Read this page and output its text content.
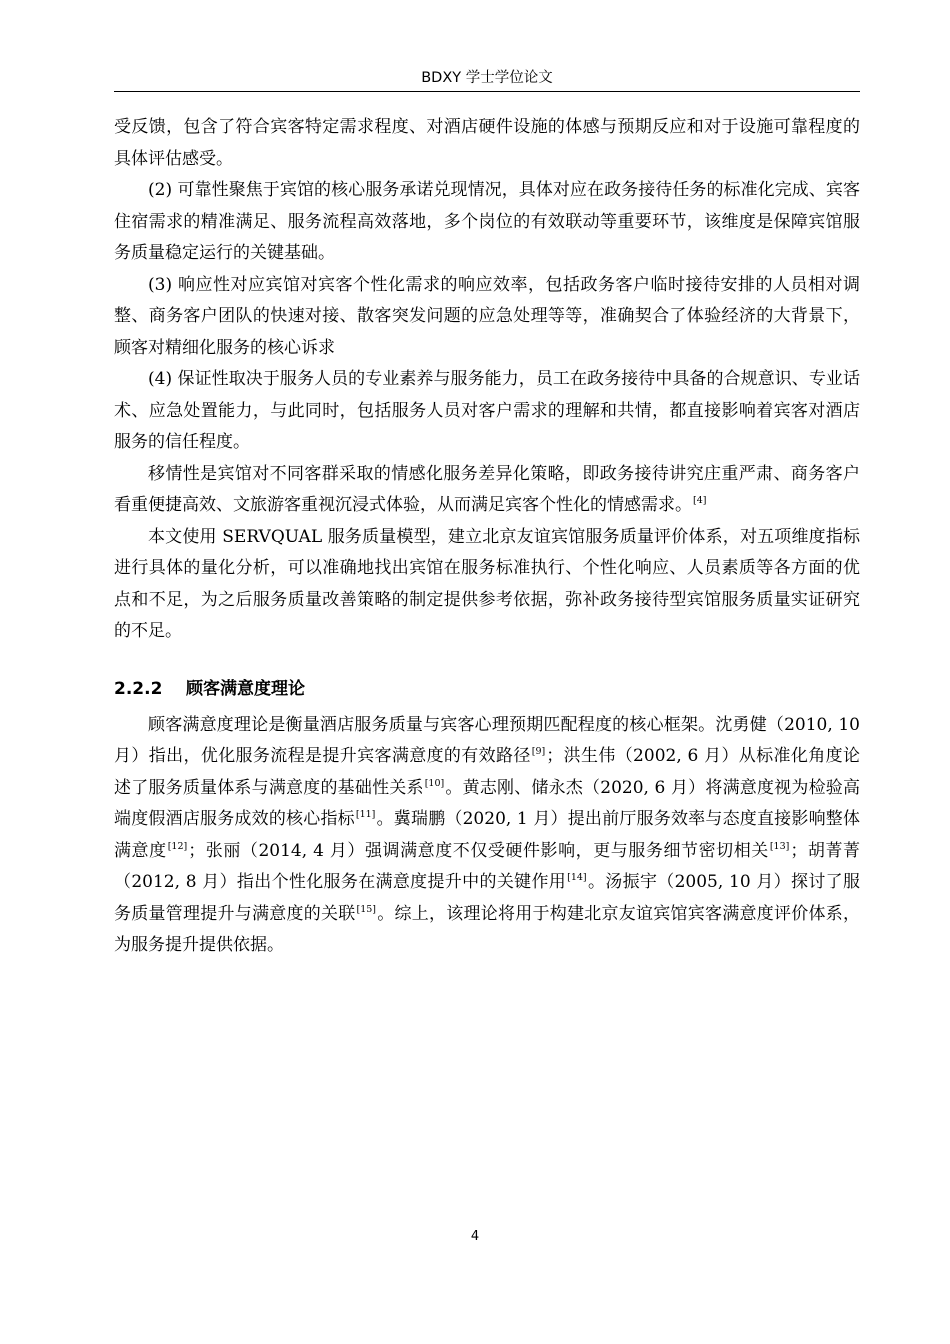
BDXY 学士学位论文

受反馈，包含了符合宾客特定需求程度、对酒店硬件设施的体感与预期反应和对于设施可靠程度的具体评估感受。

(2) 可靠性聚焦于宾馆的核心服务承诺兑现情况，具体对应在政务接待任务的标准化完成、宾客住宿需求的精准满足、服务流程高效落地，多个岗位的有效联动等重要环节，该维度是保障宾馆服务质量稳定运行的关键基础。

(3) 响应性对应宾馆对宾客个性化需求的响应效率，包括政务客户临时接待安排的人员相对调整、商务客户团队的快速对接、散客突发问题的应急处理等等，准确契合了体验经济的大背景下，顾客对精细化服务的核心诉求

(4) 保证性取决于服务人员的专业素养与服务能力，员工在政务接待中具备的合规意识、专业话术、应急处置能力，与此同时，包括服务人员对客户需求的理解和共情，都直接影响着宾客对酒店服务的信任程度。

移情性是宾馆对不同客群采取的情感化服务差异化策略，即政务接待讲究庄重严肃、商务客户看重便捷高效、文旅游客重视沉浸式体验，从而满足宾客个性化的情感需求。[4]

本文使用 SERVQUAL 服务质量模型，建立北京友谊宾馆服务质量评价体系，对五项维度指标进行具体的量化分析，可以准确地找出宾馆在服务标准执行、个性化响应、人员素质等各方面的优点和不足，为之后服务质量改善策略的制定提供参考依据，弥补政务接待型宾馆服务质量实证研究的不足。

2.2.2 顾客满意度理论

顾客满意度理论是衡量酒店服务质量与宾客心理预期匹配程度的核心框架。沈勇健（2010, 10 月）指出，优化服务流程是提升宾客满意度的有效路径[9]；洪生伟（2002, 6 月）从标准化角度论述了服务质量体系与满意度的基础性关系[10]。黄志刚、储永杰（2020, 6 月）将满意度视为检验高端度假酒店服务成效的核心指标[11]。冀瑞鹏（2020, 1 月）提出前厅服务效率与态度直接影响整体满意度[12]；张丽（2014, 4 月）强调满意度不仅受硬件影响，更与服务细节密切相关[13]；胡菁菁（2012, 8 月）指出个性化服务在满意度提升中的关键作用[14]。汤振宇（2005, 10 月）探讨了服务质量管理提升与满意度的关联[15]。综上，该理论将用于构建北京友谊宾馆宾客满意度评价体系，为服务提升提供依据。

4
